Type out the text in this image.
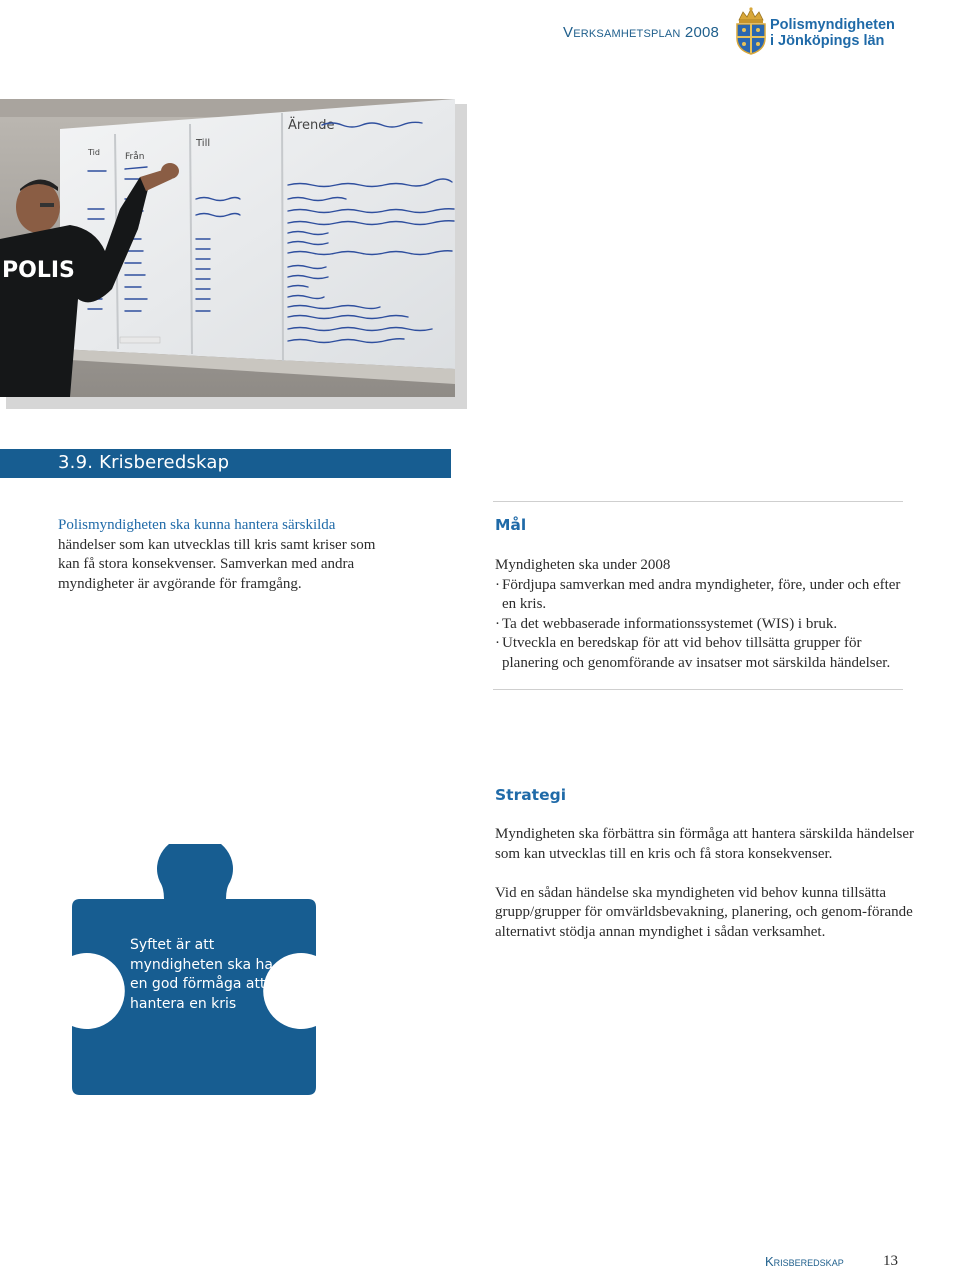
Verksamhetsplan 2008	Polismyndigheten
i Jönköpings län
Tid	Från
Till
Ärende
POLIS
3.9. Krisberedskap
Polismyndigheten ska kunna hantera särskilda händelser som kan utvecklas till kris samt kriser som kan få stora konsekvenser. Samverkan med andra myndigheter är avgörande för framgång.
Mål

Myndigheten ska under 2008

· Fördjupa samverkan med andra myndigheter, före, under och efter en kris.
· Ta det webbaserade informationssystemet (WIS) i bruk.
· Utveckla en beredskap för att vid behov tillsätta grupper för planering och genomförande av insatser mot särskilda händelser.
Strategi

Myndigheten ska förbättra sin förmåga att hantera särskilda händelser som kan utvecklas till en kris och få stora konsekvenser.

Vid en sådan händelse ska myndigheten vid behov kunna tillsätta grupp/grupper för omvärldsbevakning, planering, och genom-förande alternativt stödja annan myndighet i sådan verksamhet.

Syftet är att myndigheten ska ha en god förmåga att hantera en kris
Krisberedskap	13
